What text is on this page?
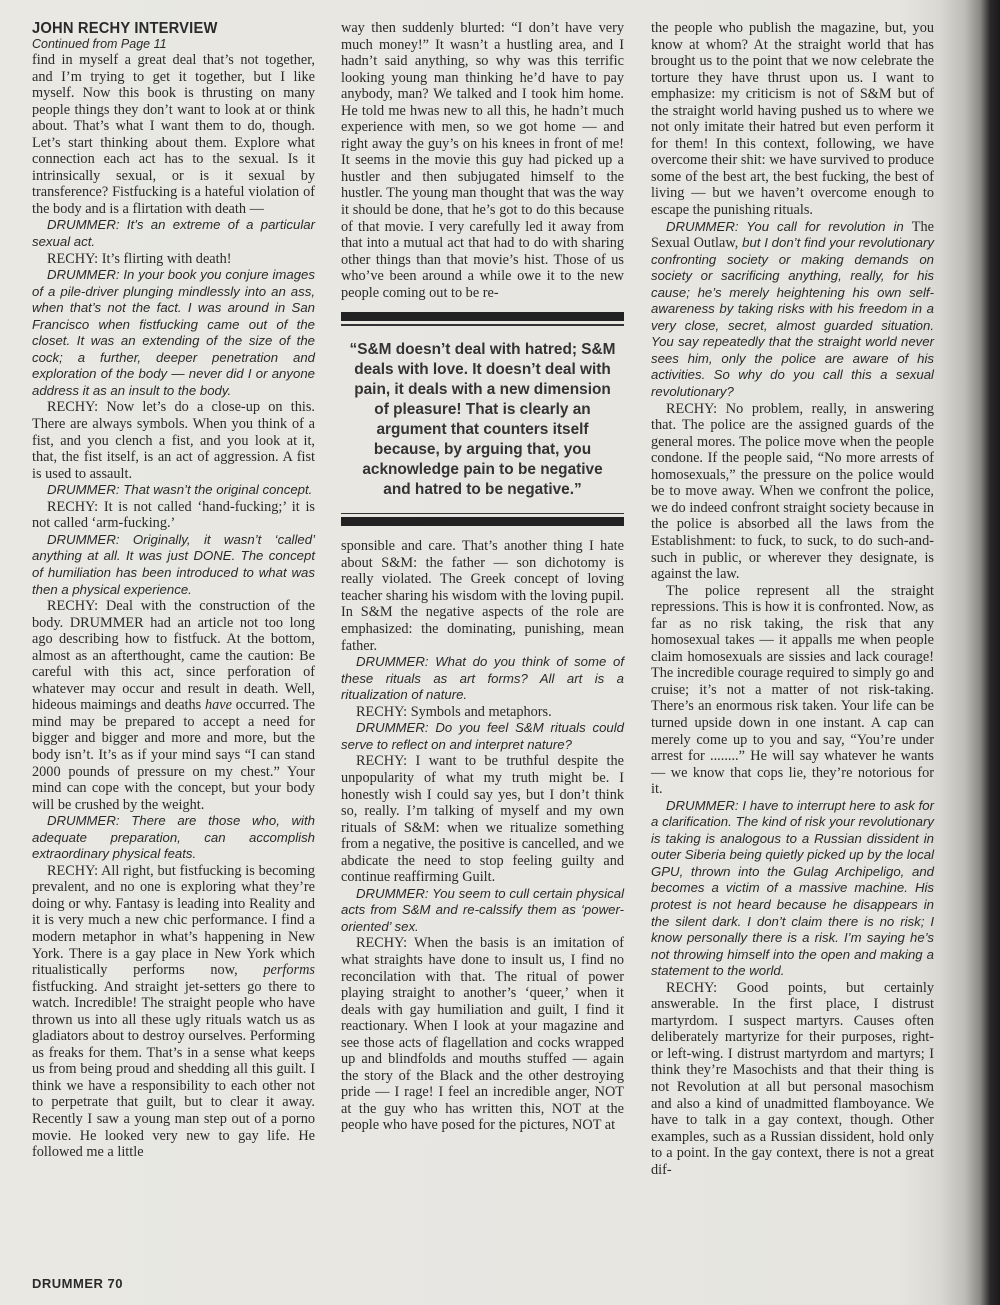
JOHN RECHY INTERVIEW
Continued from Page 11

find in myself a great deal that’s not together, and I’m trying to get it together, but I like myself. Now this book is thrusting on many people things they don’t want to look at or think about. That’s what I want them to do, though. Let’s start thinking about them. Explore what connection each act has to the sexual. Is it intrinsically sexual, or is it sexual by transference? Fistfucking is a hateful violation of the body and is a flirtation with death —

DRUMMER: It’s an extreme of a particular sexual act.

RECHY: It’s flirting with death!

DRUMMER: In your book you conjure images of a pile-driver plunging mindlessly into an ass, when that’s not the fact. I was around in San Francisco when fistfucking came out of the closet. It was an extending of the size of the cock; a further, deeper penetration and exploration of the body — never did I or anyone address it as an insult to the body.

RECHY: Now let’s do a close-up on this. There are always symbols. When you think of a fist, and you clench a fist, and you look at it, that, the fist itself, is an act of aggression. A fist is used to assault.

DRUMMER: That wasn’t the original concept.

RECHY: It is not called ‘hand-fucking;’ it is not called ‘arm-fucking.’

DRUMMER: Originally, it wasn’t ‘called’ anything at all. It was just DONE. The concept of humiliation has been introduced to what was then a physical experience.

RECHY: Deal with the construction of the body. DRUMMER had an article not too long ago describing how to fistfuck. At the bottom, almost as an afterthought, came the caution: Be careful with this act, since perforation of whatever may occur and result in death. Well, hideous maimings and deaths have occurred. The mind may be prepared to accept a need for bigger and bigger and more and more, but the body isn’t. It’s as if your mind says “I can stand 2000 pounds of pressure on my chest.” Your mind can cope with the concept, but your body will be crushed by the weight.

DRUMMER: There are those who, with adequate preparation, can accomplish extraordinary physical feats.

RECHY: All right, but fistfucking is becoming prevalent, and no one is exploring what they’re doing or why. Fantasy is leading into Reality and it is very much a new chic performance. I find a modern metaphor in what’s happening in New York. There is a gay place in New York which ritualistically performs now, performs fistfucking. And straight jet-setters go there to watch. Incredible! The straight people who have thrown us into all these ugly rituals watch us as gladiators about to destroy ourselves. Performing as freaks for them. That’s in a sense what keeps us from being proud and shedding all this guilt. I think we have a responsibility to each other not to perpetrate that guilt, but to clear it away. Recently I saw a young man step out of a porno movie. He looked very new to gay life. He followed me a little

way then suddenly blurted: “I don’t have very much money!” It wasn’t a hustling area, and I hadn’t said anything, so why was this terrific looking young man thinking he’d have to pay anybody, man? We talked and I took him home. He told me hwas new to all this, he hadn’t much experience with men, so we got home — and right away the guy’s on his knees in front of me! It seems in the movie this guy had picked up a hustler and then subjugated himself to the hustler. The young man thought that was the way it should be done, that he’s got to do this because of that movie. I very carefully led it away from that into a mutual act that had to do with sharing other things than that movie’s hist. Those of us who’ve been around a while owe it to the new people coming out to be re-

“S&M doesn’t deal with hatred; S&M deals with love. It doesn’t deal with pain, it deals with a new dimension of pleasure! That is clearly an argument that counters itself because, by arguing that, you acknowledge pain to be negative and hatred to be negative.”

sponsible and care. That’s another thing I hate about S&M: the father — son dichotomy is really violated. The Greek concept of loving teacher sharing his wisdom with the loving pupil. In S&M the negative aspects of the role are emphasized: the dominating, punishing, mean father.

DRUMMER: What do you think of some of these rituals as art forms? All art is a ritualization of nature.

RECHY: Symbols and metaphors.

DRUMMER: Do you feel S&M rituals could serve to reflect on and interpret nature?

RECHY: I want to be truthful despite the unpopularity of what my truth might be. I honestly wish I could say yes, but I don’t think so, really. I’m talking of myself and my own rituals of S&M: when we ritualize something from a negative, the positive is cancelled, and we abdicate the need to stop feeling guilty and continue reaffirming Guilt.

DRUMMER: You seem to cull certain physical acts from S&M and re-calssify them as ‘power-oriented’ sex.

RECHY: When the basis is an imitation of what straights have done to insult us, I find no reconcilation with that. The ritual of power playing straight to another’s ‘queer,’ when it deals with gay humiliation and guilt, I find it reactionary. When I look at your magazine and see those acts of flagellation and cocks wrapped up and blindfolds and mouths stuffed — again the story of the Black and the other destroying pride — I rage! I feel an incredible anger, NOT at the guy who has written this, NOT at the people who have posed for the pictures, NOT at

the people who publish the magazine, but, you know at whom? At the straight world that has brought us to the point that we now celebrate the torture they have thrust upon us. I want to emphasize: my criticism is not of S&M but of the straight world having pushed us to where we not only imitate their hatred but even perform it for them! In this context, following, we have overcome their shit: we have survived to produce some of the best art, the best fucking, the best of living — but we haven’t overcome enough to escape the punishing rituals.

DRUMMER: You call for revolution in The Sexual Outlaw, but I don’t find your revolutionary confronting society or making demands on society or sacrificing anything, really, for his cause; he’s merely heightening his own self-awareness by taking risks with his freedom in a very close, secret, almost guarded situation. You say repeatedly that the straight world never sees him, only the police are aware of his activities. So why do you call this a sexual revolutionary?

RECHY: No problem, really, in answering that. The police are the assigned guards of the general mores. The police move when the people condone. If the people said, “No more arrests of homosexuals,” the pressure on the police would be to move away. When we confront the police, we do indeed confront straight society because in the police is absorbed all the laws from the Establishment: to fuck, to suck, to do such-and-such in public, or wherever they designate, is against the law.

The police represent all the straight repressions. This is how it is confronted. Now, as far as no risk taking, the risk that any homosexual takes — it appalls me when people claim homosexuals are sissies and lack courage! The incredible courage required to simply go and cruise; it’s not a matter of not risk-taking. There’s an enormous risk taken. Your life can be turned upside down in one instant. A cap can merely come up to you and say, “You’re under arrest for ........” He will say whatever he wants — we know that cops lie, they’re notorious for it.

DRUMMER: I have to interrupt here to ask for a clarification. The kind of risk your revolutionary is taking is analogous to a Russian dissident in outer Siberia being quietly picked up by the local GPU, thrown into the Gulag Archipeligo, and becomes a victim of a massive machine. His protest is not heard because he disappears in the silent dark. I don’t claim there is no risk; I know personally there is a risk. I’m saying he’s not throwing himself into the open and making a statement to the world.

RECHY: Good points, but certainly answerable. In the first place, I distrust martyrdom. I suspect martyrs. Causes often deliberately martyrize for their purposes, right- or left-wing. I distrust martyrdom and martyrs; I think they’re Masochists and that their thing is not Revolution at all but personal masochism and also a kind of unadmitted flamboyance. We have to talk in a gay context, though. Other examples, such as a Russian dissident, hold only to a point. In the gay context, there is not a great dif-

DRUMMER 70
